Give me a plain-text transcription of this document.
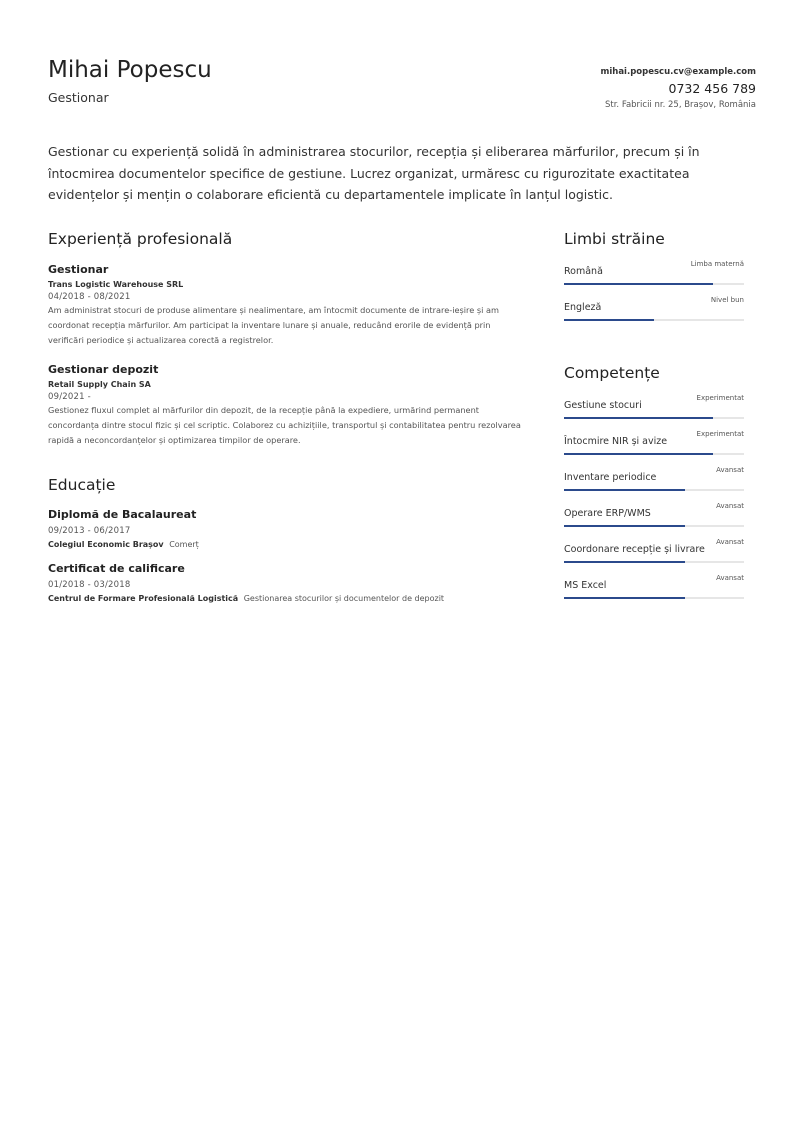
Mihai Popescu
Gestionar
mihai.popescu.cv@example.com
0732 456 789
Str. Fabricii nr. 25, Brașov, România

Gestionar cu experiență solidă în administrarea stocurilor, recepția și eliberarea mărfurilor, precum și în întocmirea documentelor specifice de gestiune. Lucrez organizat, urmăresc cu rigurozitate exactitatea evidențelor și mențin o colaborare eficientă cu departamentele implicate în lanțul logistic.

Experiență profesională
Gestionar
Trans Logistic Warehouse SRL
04/2018 - 08/2021

Am administrat stocuri de produse alimentare și nealimentare, am întocmit documente de intrare-ieșire și am coordonat recepția mărfurilor. Am participat la inventare lunare și anuale, reducând erorile de evidență prin verificări periodice și actualizarea corectă a registrelor.

Gestionar depozit
Retail Supply Chain SA
09/2021 -

Gestionez fluxul complet al mărfurilor din depozit, de la recepție până la expediere, urmărind permanent concordanța dintre stocul fizic și cel scriptic. Colaborez cu achizițiile, transportul și contabilitatea pentru rezolvarea rapidă a neconcordanțelor și optimizarea timpilor de operare.

Educație
Diplomă de Bacalaureat
09/2013 - 06/2017
Colegiul Economic Brașov Comerț
Certificat de calificare
01/2018 - 03/2018
Centrul de Formare Profesională Logistică Gestionarea stocurilor și documentelor de depozit
Limbi străine
Română
Limba maternă
Engleză
Nivel bun
Competențe
Gestiune stocuri
Experimentat
Întocmire NIR și avize
Experimentat
Inventare periodice
Avansat
Operare ERP/WMS
Avansat
Coordonare recepție și livrare
Avansat
MS Excel
Avansat
